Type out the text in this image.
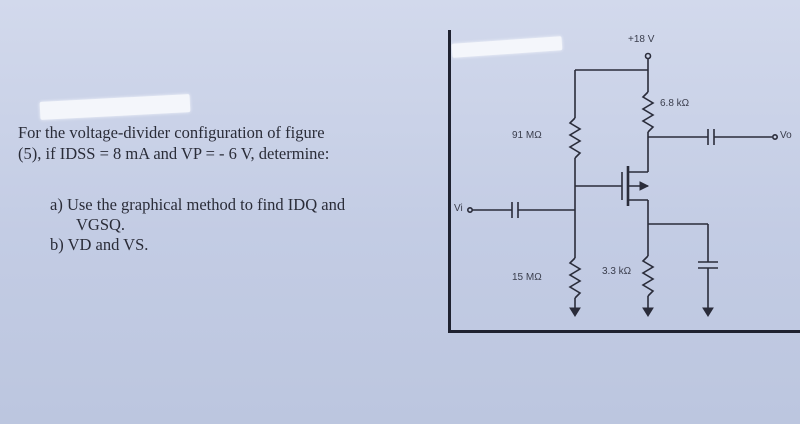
For the voltage-divider configuration of figure

(5), if IDSS = 8 mA and VP = - 6 V, determine:

a) Use the graphical method to find IDQ and
VGSQ.
b) VD and VS.
+18 V
91 MΩ
15 MΩ
6.8 kΩ
3.3 kΩ
Vi
Vo
